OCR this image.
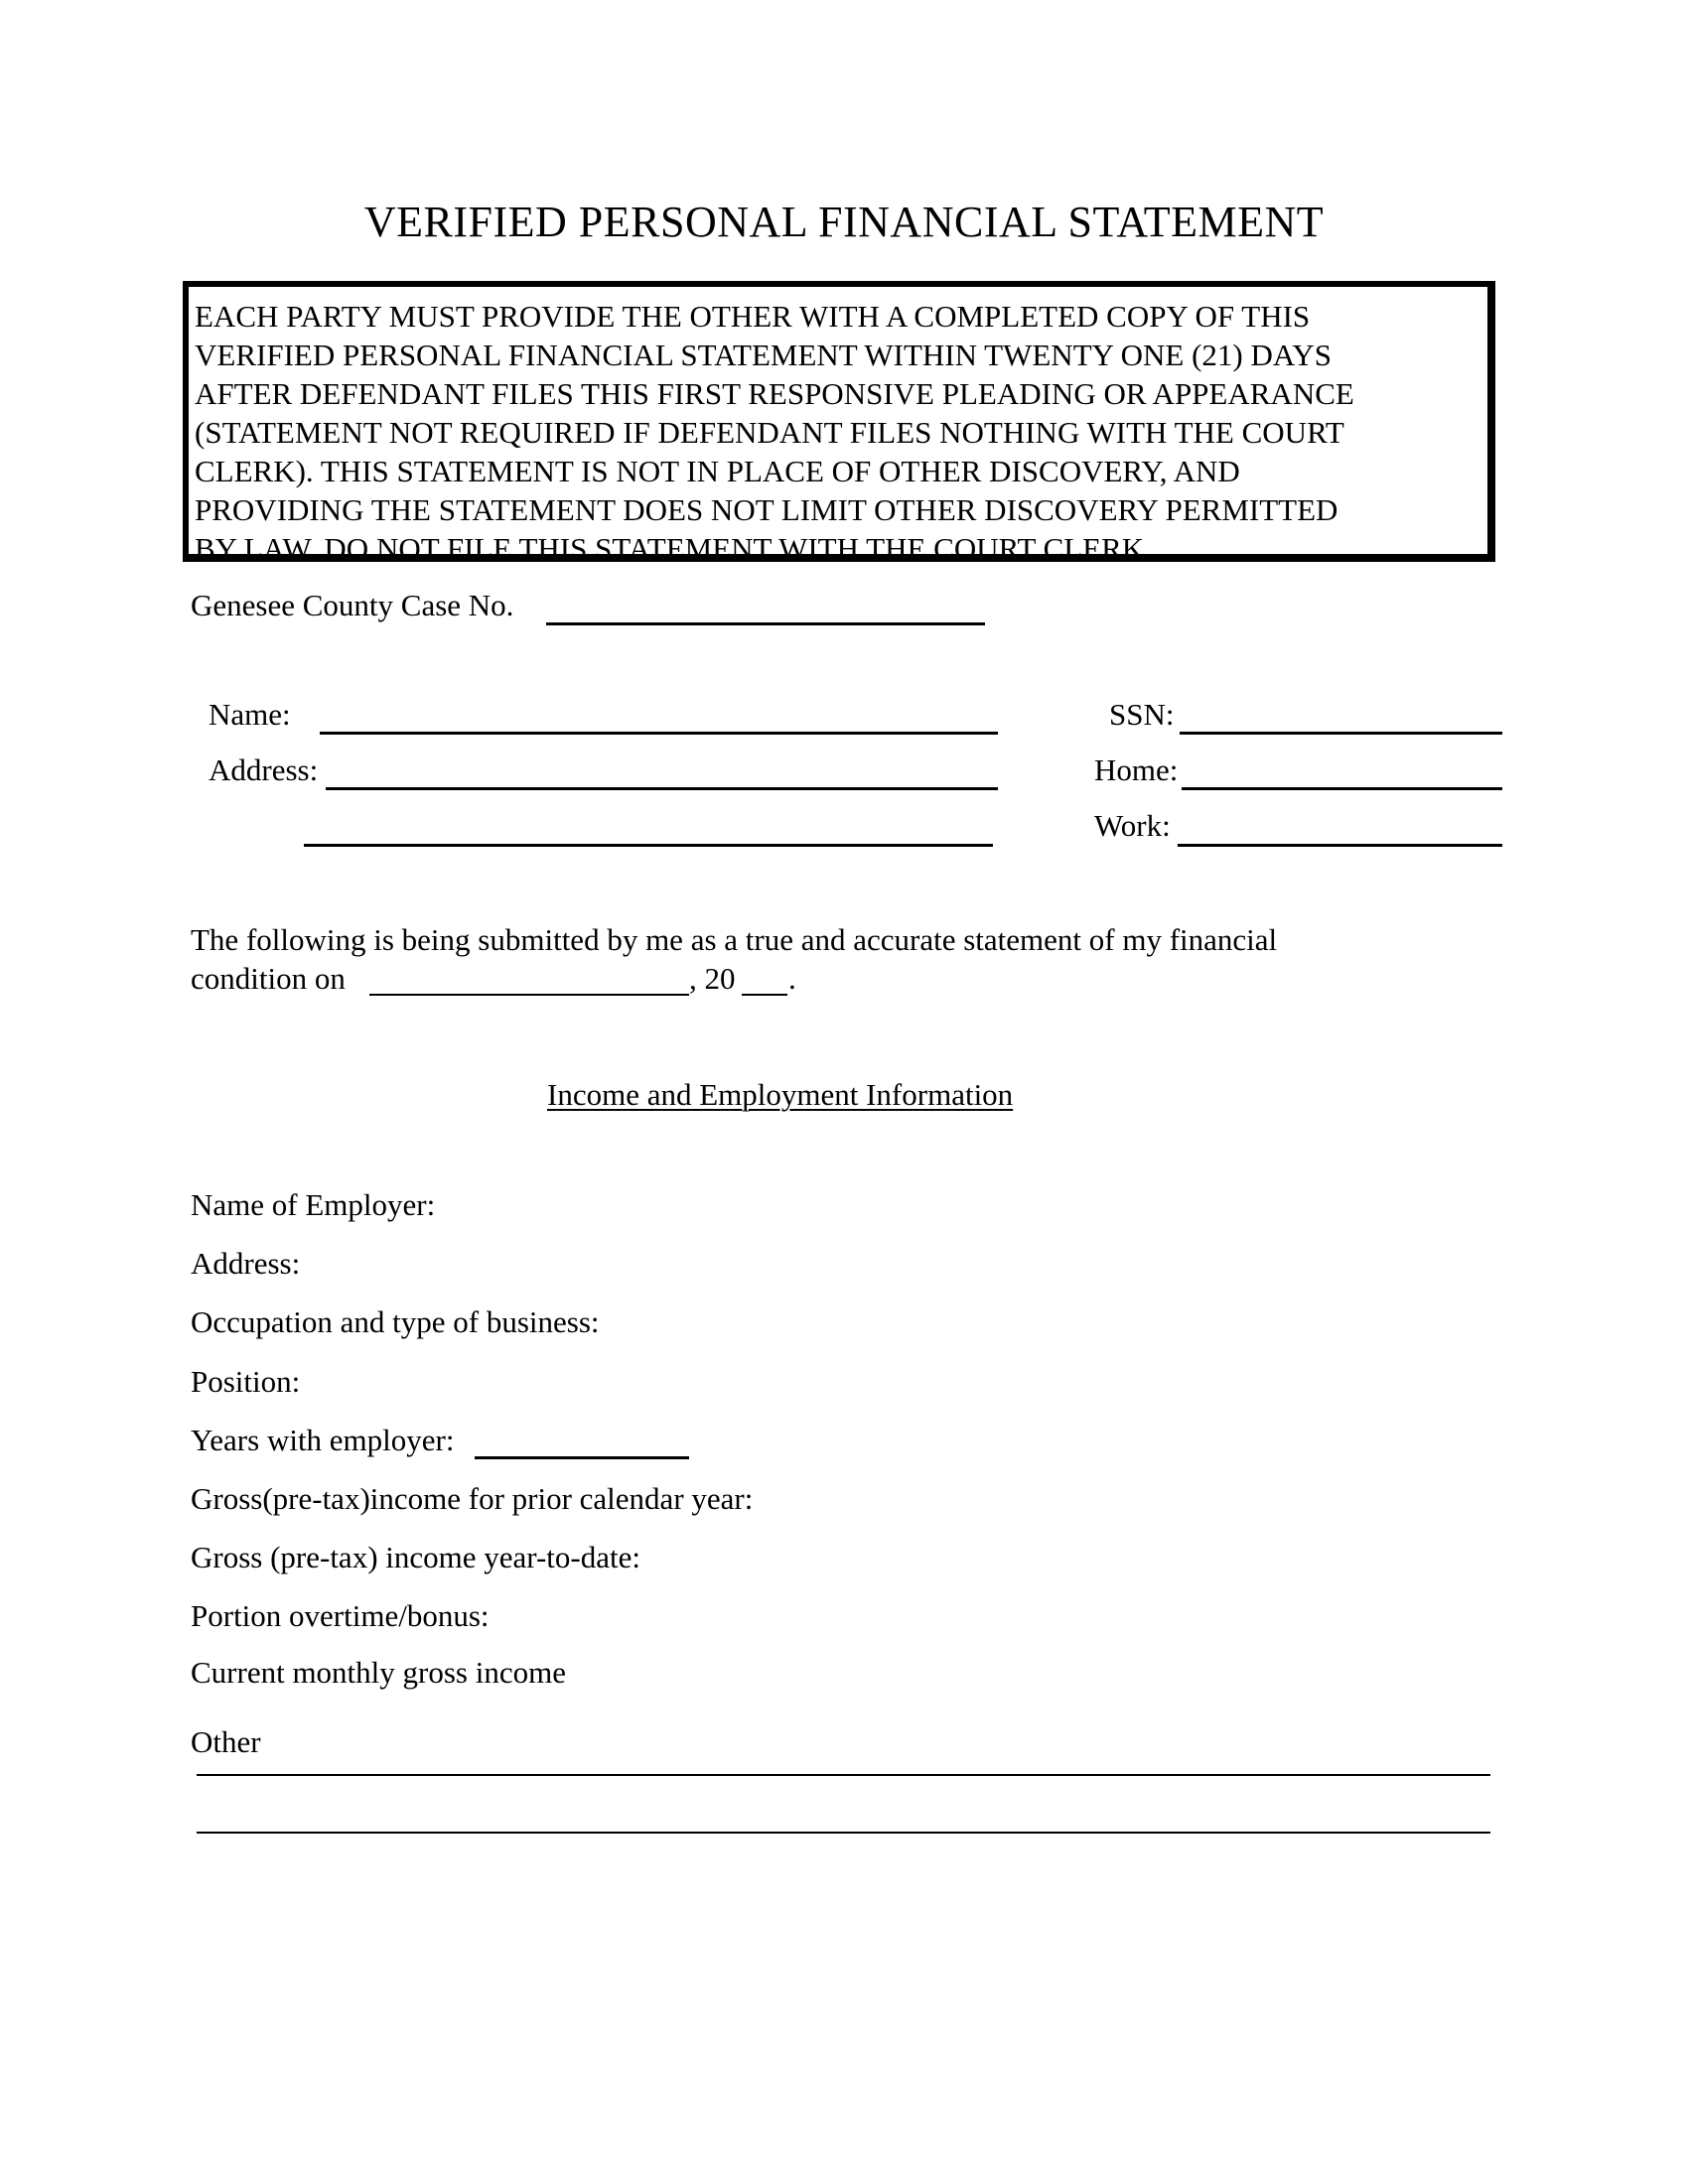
VERIFIED PERSONAL FINANCIAL STATEMENT
EACH PARTY MUST PROVIDE THE OTHER WITH A COMPLETED COPY OF THIS
VERIFIED PERSONAL FINANCIAL STATEMENT WITHIN TWENTY ONE (21) DAYS
AFTER DEFENDANT FILES THIS FIRST RESPONSIVE PLEADING OR APPEARANCE
(STATEMENT NOT REQUIRED IF DEFENDANT FILES NOTHING WITH THE COURT
CLERK). THIS STATEMENT IS NOT IN PLACE OF OTHER DISCOVERY, AND
PROVIDING THE STATEMENT DOES NOT LIMIT OTHER DISCOVERY PERMITTED
BY LAW. DO NOT FILE THIS STATEMENT WITH THE COURT CLERK.
Genesee County Case No.
Name:
Address:
SSN:
Home:
Work:
The following is being submitted by me as a true and accurate statement of my financial
condition on	, 20 .
Income and Employment Information
Name of Employer:
Address:
Occupation and type of business:
Position:
Years with employer:
Gross(pre-tax)income for prior calendar year:
Gross (pre-tax) income year-to-date:
Portion overtime/bonus:
Current monthly gross income
Other
